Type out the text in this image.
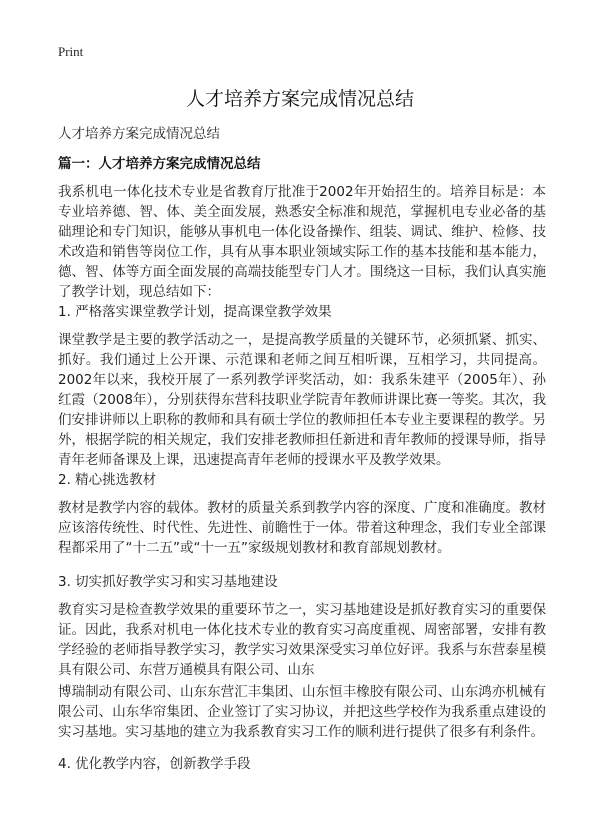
Print
人才培养方案完成情况总结
人才培养方案完成情况总结
篇一：人才培养方案完成情况总结

我系机电一体化技术专业是省教育厅批准于2002年开始招生的。培养目标是：本专业培养德、智、体、美全面发展，熟悉安全标准和规范，掌握机电专业必备的基础理论和专门知识，能够从事机电一体化设备操作、组装、调试、维护、检修、技术改造和销售等岗位工作，具有从事本职业领域实际工作的基本技能和基本能力，德、智、体等方面全面发展的高端技能型专门人才。围绕这一目标，我们认真实施了教学计划，现总结如下：

1. 严格落实课堂教学计划，提高课堂教学效果

课堂教学是主要的教学活动之一，是提高教学质量的关键环节，必须抓紧、抓实、抓好。我们通过上公开课、示范课和老师之间互相听课，互相学习，共同提高。2002年以来，我校开展了一系列教学评奖活动，如：我系朱建平（2005年）、孙红霞（2008年），分别获得东营科技职业学院青年教师讲课比赛一等奖。其次，我们安排讲师以上职称的教师和具有硕士学位的教师担任本专业主要课程的教学。另外，根据学院的相关规定，我们安排老教师担任新进和青年教师的授课导师，指导青年老师备课及上课，迅速提高青年老师的授课水平及教学效果。

2. 精心挑选教材

教材是教学内容的载体。教材的质量关系到教学内容的深度、广度和准确度。教材应该溶传统性、时代性、先进性、前瞻性于一体。带着这种理念，我们专业全部课程都采用了“十二五”或“十一五”家级规划教材和教育部规划教材。

3. 切实抓好教学实习和实习基地建设

教育实习是检查教学效果的重要环节之一，实习基地建设是抓好教育实习的重要保证。因此，我系对机电一体化技术专业的教育实习高度重视、周密部署，安排有教学经验的老师指导教学实习，教学实习效果深受实习单位好评。我系与东营泰星模具有限公司、东营万通模具有限公司、山东

博瑞制动有限公司、山东东营汇丰集团、山东恒丰橡胶有限公司、山东鸿亦机械有限公司、山东华帘集团、企业签订了实习协议，并把这些学校作为我系重点建设的实习基地。实习基地的建立为我系教育实习工作的顺利进行提供了很多有利条件。

4. 优化教学内容，创新教学手段
